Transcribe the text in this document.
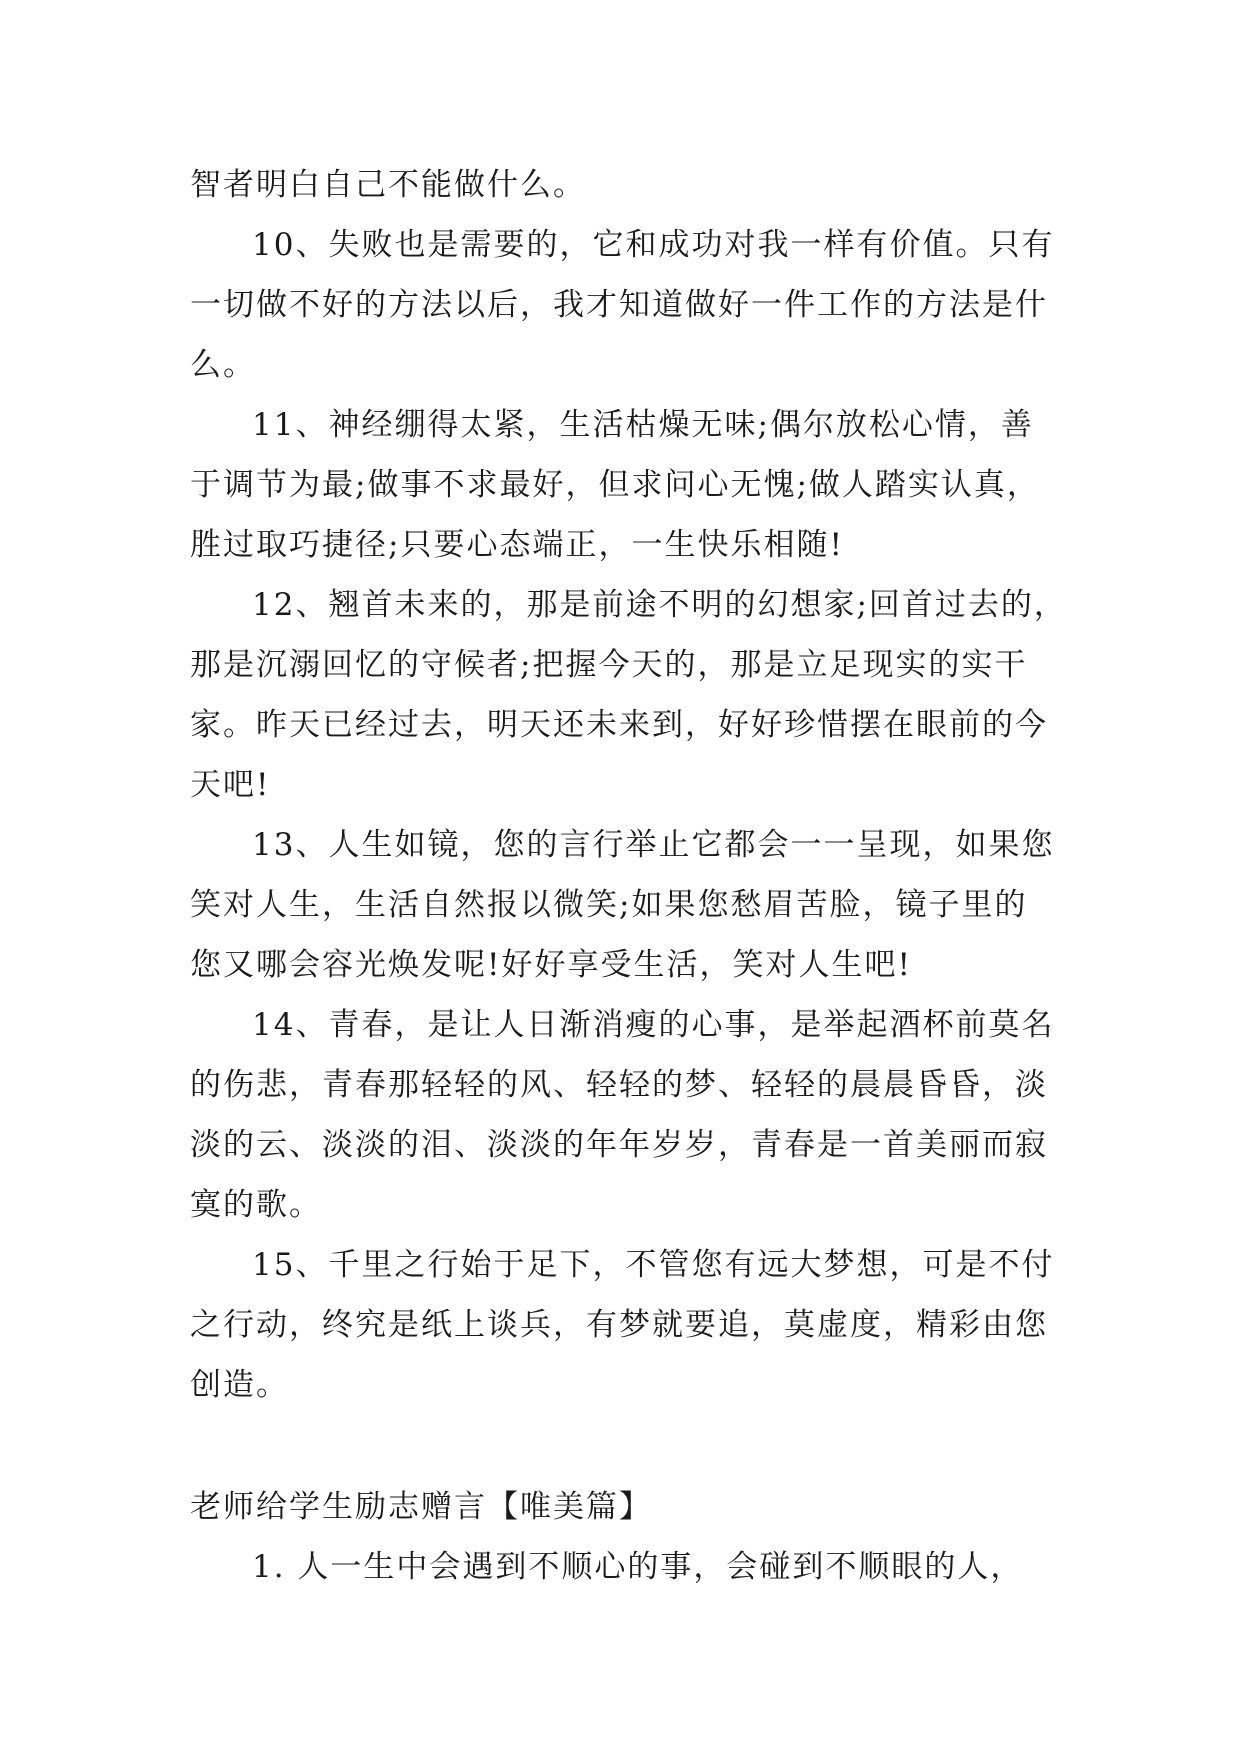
智者明白自己不能做什么。
10、失败也是需要的，它和成功对我一样有价值。只有
一切做不好的方法以后，我才知道做好一件工作的方法是什
么。
11、神经绷得太紧，生活枯燥无味;偶尔放松心情，善
于调节为最;做事不求最好，但求问心无愧;做人踏实认真，
胜过取巧捷径;只要心态端正，一生快乐相随!
12、翘首未来的，那是前途不明的幻想家;回首过去的，
那是沉溺回忆的守候者;把握今天的，那是立足现实的实干
家。昨天已经过去，明天还未来到，好好珍惜摆在眼前的今
天吧!
13、人生如镜，您的言行举止它都会一一呈现，如果您
笑对人生，生活自然报以微笑;如果您愁眉苦脸，镜子里的
您又哪会容光焕发呢!好好享受生活，笑对人生吧!
14、青春，是让人日渐消瘦的心事，是举起酒杯前莫名
的伤悲，青春那轻轻的风、轻轻的梦、轻轻的晨晨昏昏，淡
淡的云、淡淡的泪、淡淡的年年岁岁，青春是一首美丽而寂
寞的歌。
15、千里之行始于足下，不管您有远大梦想，可是不付
之行动，终究是纸上谈兵，有梦就要追，莫虚度，精彩由您
创造。
老师给学生励志赠言【唯美篇】
1. 人一生中会遇到不顺心的事，会碰到不顺眼的人，
